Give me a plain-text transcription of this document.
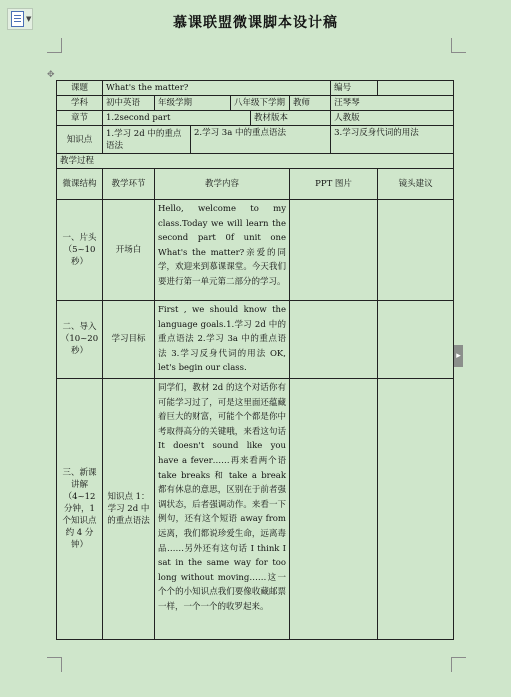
▼	慕课联盟微课脚本设计稿
✥
▸
课题	What's the matter?						编号	
学科	初中英语	年级学期		八年级下学期		教师	汪琴琴	
章节	1.2second part				教材版本		人教版	
知识点	1.学习 2d 中的重点语法		2.学习 3a 中的重点语法				3.学习反身代词的用法	
教学过程								
微课结构	教学环节	教学内容				PPT 图片		镜头建议
一、片头（5~10 秒）	开场白	Hello, welcome to my class.Today we will learn the second part 0f unit one What's the matter?亲爱的同学，欢迎来到慕课课堂。今天我们要进行第一单元第二部分的学习。						
二、导入（10~20 秒）	学习目标	First , we should know the language goals.1.学习 2d 中的重点语法 2.学习 3a 中的重点语法 3.学习反身代词的用法 OK, let's begin our class.						
三、新课讲解（4~12 分钟，1 个知识点约 4 分钟）	知识点 1：学习 2d 中的重点语法	同学们，教材 2d 的这个对话你有可能学习过了，可是这里面还蕴藏着巨大的财富，可能个个都是你中考取得高分的关键哦，来看这句话 It doesn't sound like you have a fever……再来看两个语 take breaks 和 take a break 都有休息的意思，区别在于前者强调状态，后者强调动作。来看一下例句，还有这个短语 away from 远离，我们都说珍爱生命，远离毒品……另外还有这句话 I think I sat in the same way for too long without moving……这一个个的小知识点我们要像收藏邮票一样，一个一个的收罗起来。						
